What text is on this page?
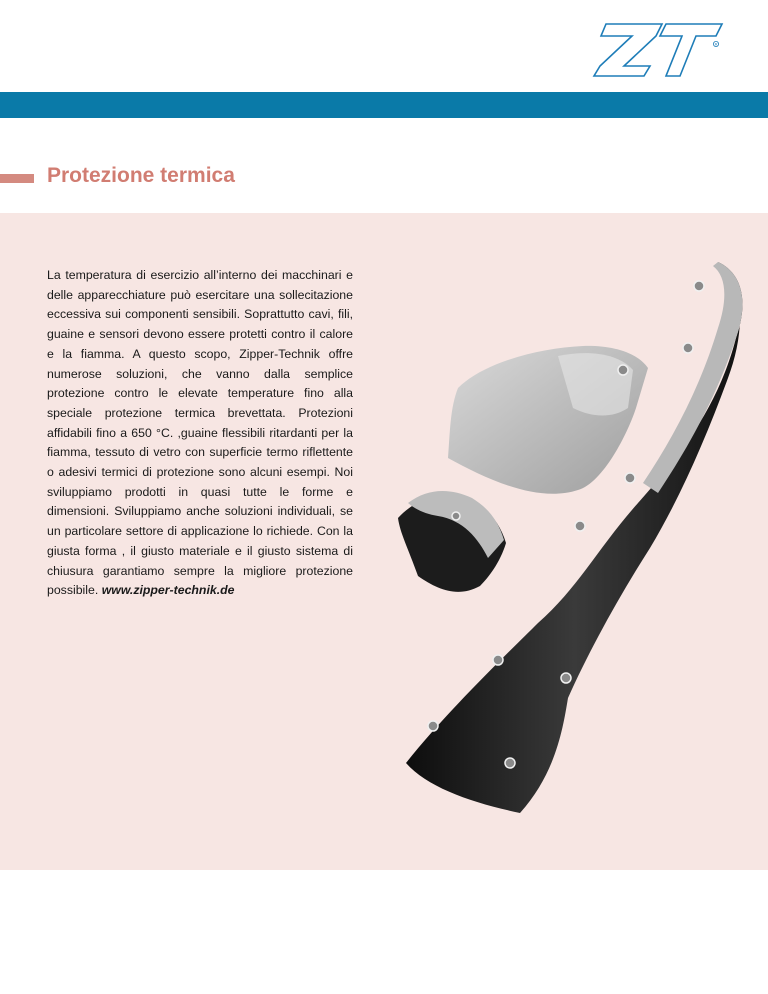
R
Protezione termica

La temperatura di esercizio all’interno dei macchinari e delle apparecchiature può esercitare una sollecitazione eccessiva sui componenti sensibili. Soprattutto cavi, fili, guaine e sensori devono essere protetti contro il calore e la fiamma. A questo scopo, Zipper-Technik offre numerose soluzioni, che vanno dalla semplice protezione contro le elevate temperature fino alla speciale protezione termica brevettata. Protezioni affidabili fino a 650 °C. ,guaine flessibili ritardanti per la fiamma, tessuto di vetro con superficie termo riflettente o adesivi termici di protezione sono alcuni esempi. Noi sviluppiamo prodotti in quasi tutte le forme e dimensioni. Sviluppiamo anche soluzioni individuali, se un particolare settore di applicazione lo richiede. Con la giusta forma , il giusto materiale e il giusto sistema di chiusura garantiamo sempre la migliore protezione possibile. www.zipper-technik.de
